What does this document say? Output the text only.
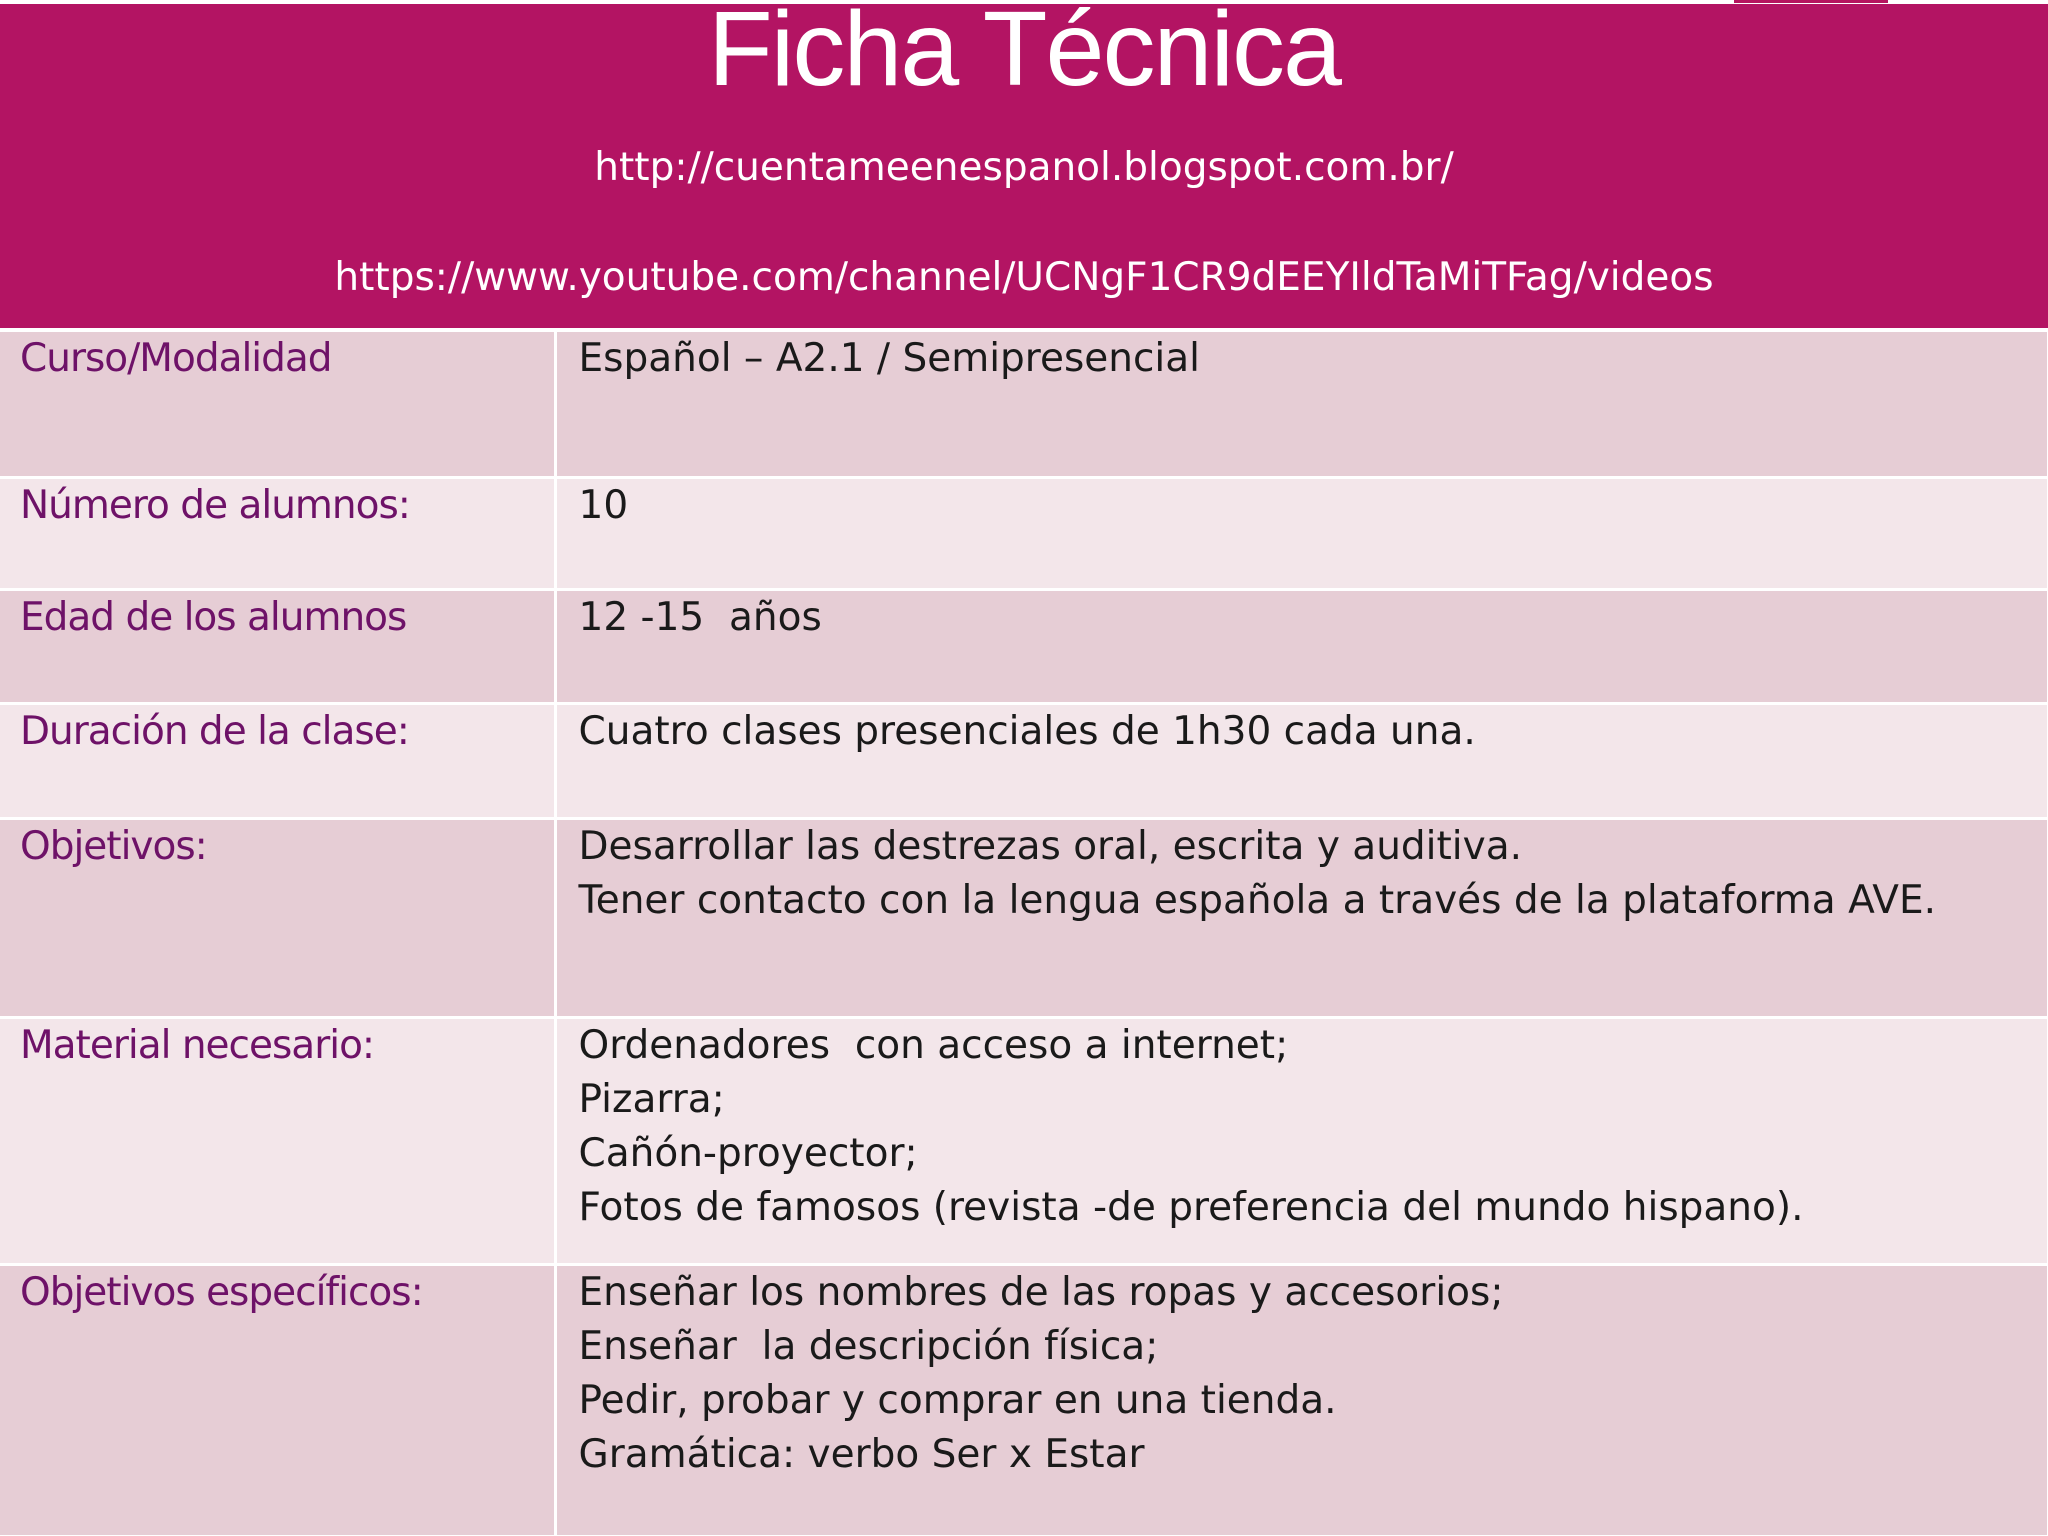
Ficha Técnica
http://cuentameenespanol.blogspot.com.br/
https://www.youtube.com/channel/UCNgF1CR9dEEYIldTaMiTFag/videos
Curso/Modalidad	Español – A2.1 / Semipresencial

Número de alumnos:	10

Edad de los alumnos	12 -15  años

Duración de la clase:	Cuatro clases presenciales de 1h30 cada una.

Objetivos:	Desarrollar las destrezas oral, escrita y auditiva.
Tener contacto con la lengua española a través de la plataforma AVE.

Material necesario:	Ordenadores  con acceso a internet;
Pizarra;
Cañón-proyector;
Fotos de famosos (revista -de preferencia del mundo hispano).

Objetivos específicos:	Enseñar los nombres de las ropas y accesorios;
Enseñar  la descripción física;
Pedir, probar y comprar en una tienda.
Gramática: verbo Ser x Estar
